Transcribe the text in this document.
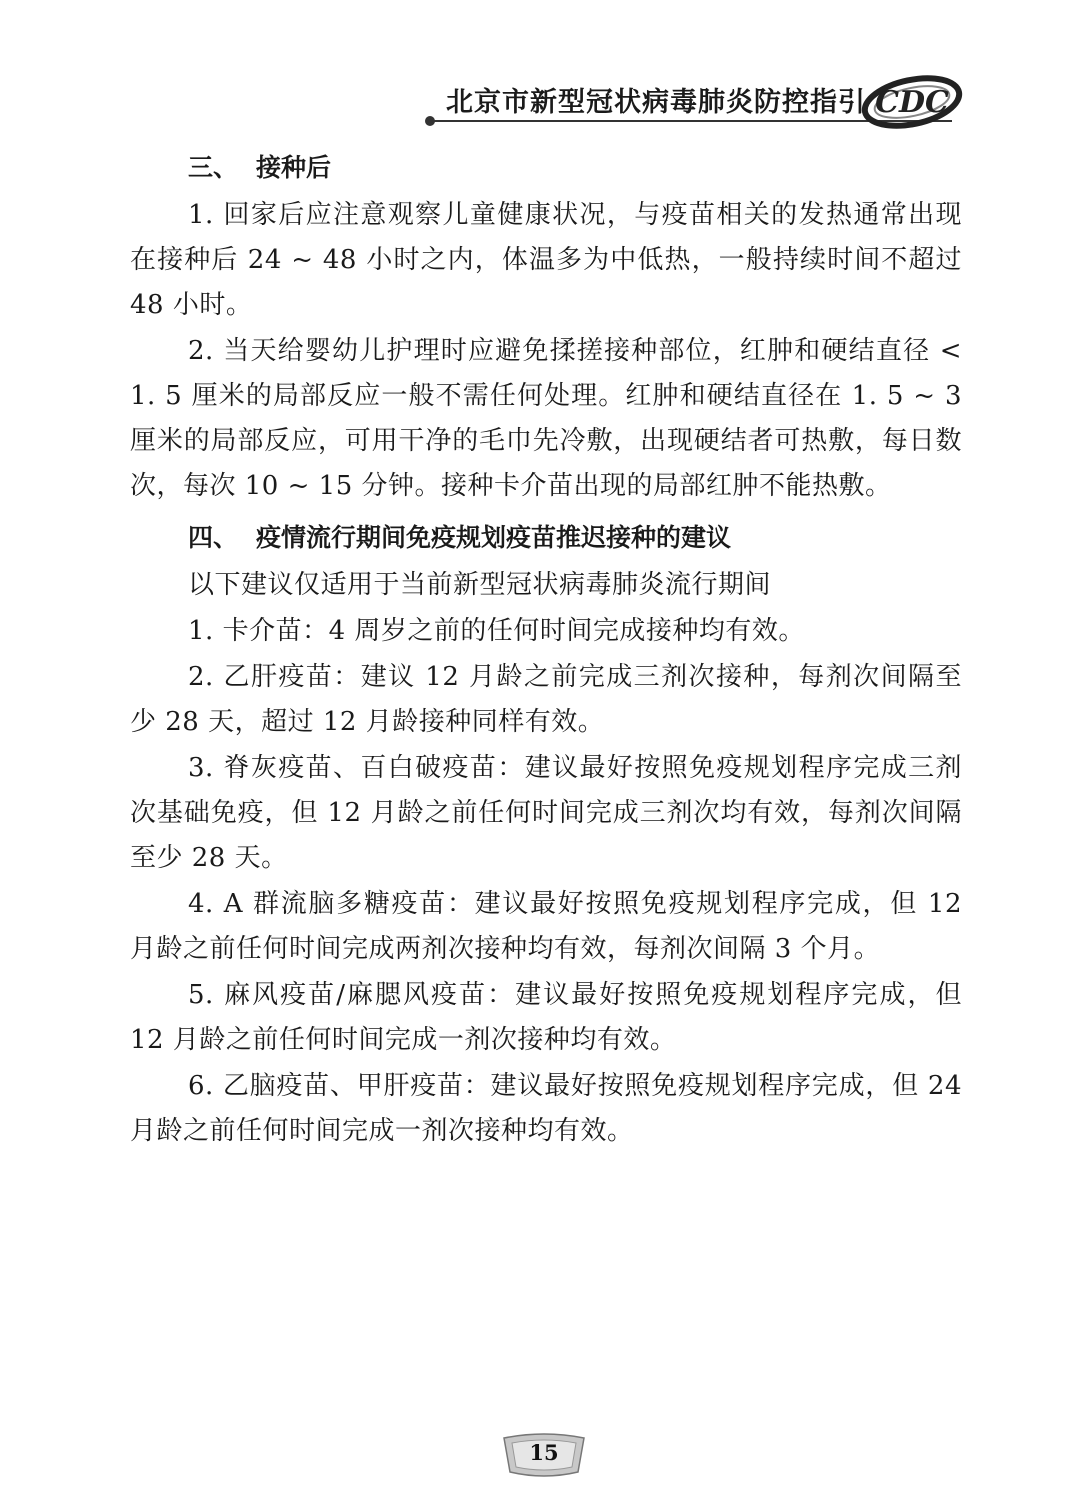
北京市新型冠状病毒肺炎防控指引 CDC
三、 接种后

1. 回家后应注意观察儿童健康状况，与疫苗相关的发热通常出现在接种后 24 ~ 48 小时之内，体温多为中低热，一般持续时间不超过 48 小时。

2. 当天给婴幼儿护理时应避免揉搓接种部位，红肿和硬结直径 < 1. 5 厘米的局部反应一般不需任何处理。红肿和硬结直径在 1. 5 ~ 3 厘米的局部反应，可用干净的毛巾先冷敷，出现硬结者可热敷，每日数次，每次 10 ~ 15 分钟。接种卡介苗出现的局部红肿不能热敷。

四、 疫情流行期间免疫规划疫苗推迟接种的建议

以下建议仅适用于当前新型冠状病毒肺炎流行期间

1. 卡介苗：4 周岁之前的任何时间完成接种均有效。

2. 乙肝疫苗：建议 12 月龄之前完成三剂次接种，每剂次间隔至少 28 天，超过 12 月龄接种同样有效。

3. 脊灰疫苗、百白破疫苗：建议最好按照免疫规划程序完成三剂次基础免疫，但 12 月龄之前任何时间完成三剂次均有效，每剂次间隔至少 28 天。

4. A 群流脑多糖疫苗：建议最好按照免疫规划程序完成，但 12 月龄之前任何时间完成两剂次接种均有效，每剂次间隔 3 个月。

5. 麻风疫苗/麻腮风疫苗：建议最好按照免疫规划程序完成，但 12 月龄之前任何时间完成一剂次接种均有效。

6. 乙脑疫苗、甲肝疫苗：建议最好按照免疫规划程序完成，但 24 月龄之前任何时间完成一剂次接种均有效。

15
